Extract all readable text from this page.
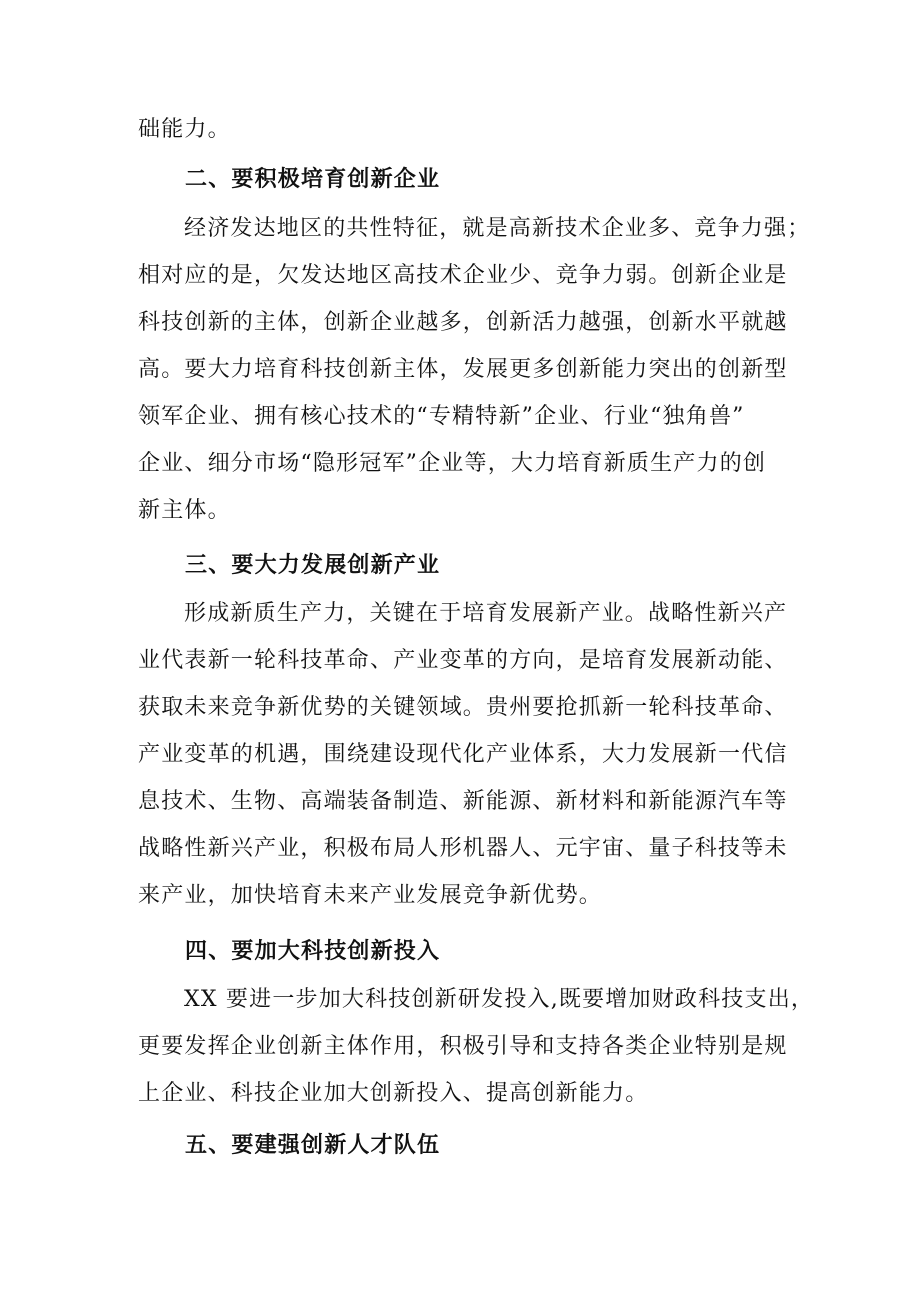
础能力。
二、要积极培育创新企业
经济发达地区的共性特征，就是高新技术企业多、竞争力强；
相对应的是，欠发达地区高技术企业少、竞争力弱。创新企业是
科技创新的主体，创新企业越多，创新活力越强，创新水平就越
高。要大力培育科技创新主体，发展更多创新能力突出的创新型
领军企业、拥有核心技术的“专精特新”企业、行业“独角兽”
企业、细分市场“隐形冠军”企业等，大力培育新质生产力的创
新主体。
三、要大力发展创新产业
形成新质生产力，关键在于培育发展新产业。战略性新兴产
业代表新一轮科技革命、产业变革的方向，是培育发展新动能、
获取未来竞争新优势的关键领域。贵州要抢抓新一轮科技革命、
产业变革的机遇，围绕建设现代化产业体系，大力发展新一代信
息技术、生物、高端装备制造、新能源、新材料和新能源汽车等
战略性新兴产业，积极布局人形机器人、元宇宙、量子科技等未
来产业，加快培育未来产业发展竞争新优势。
四、要加大科技创新投入
XX 要进一步加大科技创新研发投入,既要增加财政科技支出，
更要发挥企业创新主体作用，积极引导和支持各类企业特别是规
上企业、科技企业加大创新投入、提高创新能力。
五、要建强创新人才队伍
